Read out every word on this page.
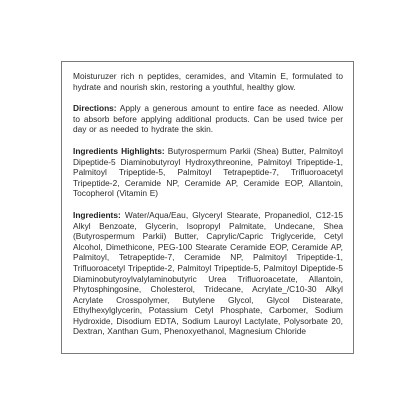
Moisturuzer rich n peptides, ceramides, and Vitamin E, formulated to hydrate and nourish skin, restoring a youthful, healthy glow.

Directions: Apply a generous amount to entire face as needed. Allow to absorb before applying additional products. Can be used twice per day or as needed to hydrate the skin.

Ingredients Highlights: Butyrospermum Parkii (Shea) Butter, Palmitoyl Dipeptide-5 Diaminobutyroyl Hydroxythreonine, Palmitoyl Tripeptide-1, Palmitoyl Tripeptide-5, Palmitoyl Tetrapeptide-7, Trifluoroacetyl Tripeptide-2, Ceramide NP, Ceramide AP, Ceramide EOP, Allantoin, Tocopherol (Vitamin E)

Ingredients: Water/Aqua/Eau, Glyceryl Stearate, Propanediol, C12-15 Alkyl Benzoate, Glycerin, Isopropyl Palmitate, Undecane, Shea (Butyrospermum Parkii) Butter, Caprylic/Capric Triglyceride, Cetyl Alcohol, Dimethicone, PEG-100 Stearate Ceramide EOP, Ceramide AP, Palmitoyl, Tetrapeptide-7, Ceramide NP, Palmitoyl Tripeptide-1, Trifluoroacetyl Tripeptide-2, Palmitoyl Tripeptide-5, Palmitoyl Dipeptide-5 Diaminobutyroylvalylaminobutyric Urea Trifluoroacetate, Allantoin, Phytosphingosine, Cholesterol, Tridecane, Acrylate_/C10-30 Alkyl Acrylate Crosspolymer, Butylene Glycol, Glycol Distearate, Ethylhexylglycerin, Potassium Cetyl Phosphate, Carbomer, Sodium Hydroxide, Disodium EDTA, Sodium Lauroyl Lactylate, Polysorbate 20, Dextran, Xanthan Gum, Phenoxyethanol, Magnesium Chloride
